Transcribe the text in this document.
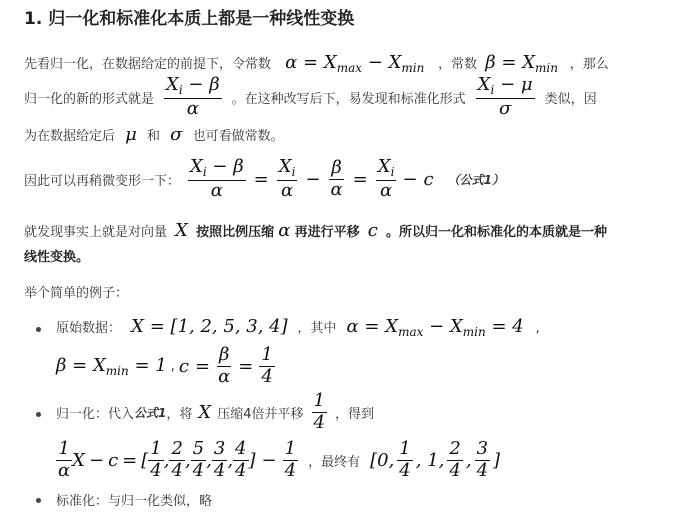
1. 归一化和标准化本质上都是一种线性变换
先看归一化，在数据给定的前提下，令常数 $\alpha = X_{max} - X_{min}$ ，常数 $\beta = X_{min}$ ，那么
归一化的新的形式就是 $\frac{X_i - \beta}{\alpha}$ 。在这种改写后下，易发现和标准化形式 $\frac{X_i - \mu}{\sigma}$ 类似，因
为在数据给定后 μ 和 σ 也可看做常数。
因此可以再稍微变形一下： $\frac{X_i - \beta}{\alpha} = \frac{X_i}{\alpha} - \frac{\beta}{\alpha} = \frac{X_i}{\alpha} - c$ （公式1）
就发现事实上就是对向量 X 按照比例压缩 α 再进行平移 c 。所以归一化和标准化的本质就是一种
线性变换。
举个简单的例子：
原始数据： X = [1, 2, 5, 3, 4] ，其中 $\alpha = X_{max} - X_{min} = 4$ ,
$\beta = X_{min} = 1$ , $c = \frac{\beta}{\alpha} = \frac{1}{4}$
归一化：代入 公式1 ，将 X 压缩4倍并平移 $\frac{1}{4}$ ，得到
$\frac{1}{\alpha}$ X − c = [ $\frac{1}{4}$ , $\frac{2}{4}$ , $\frac{5}{4}$ , $\frac{3}{4}$ , $\frac{4}{4}$ ] − $\frac{1}{4}$ ，最终有 [0, $\frac{1}{4}$ , 1, $\frac{2}{4}$ , $\frac{3}{4}$ ]
标准化：与归一化类似，略
